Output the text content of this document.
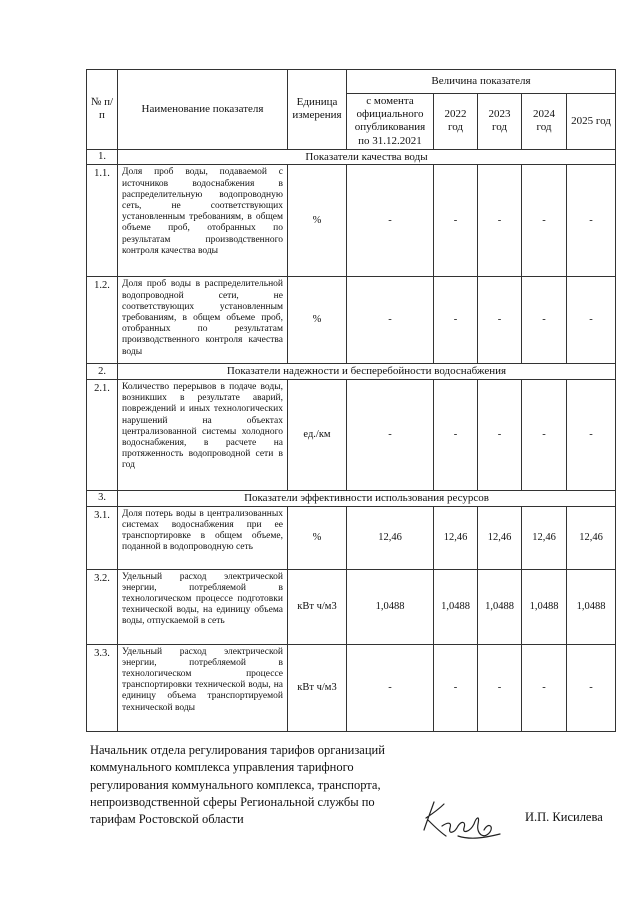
№ п/п	Наименование показателя	Единица измерения	Величина показателя				
			с момента официального опубликования по 31.12.2021	2022 год	2023 год	2024 год	2025 год
1.	Показатели качества воды						
1.1.	Доля проб воды, подаваемой с источников водоснабжения в распределительную водопроводную сеть, не соответствующих установленным требованиям, в общем объеме проб, отобранных по результатам производственного контроля качества воды	%	-	-	-	-	-
1.2.	Доля проб воды в распределительной водопроводной сети, не соответствующих установленным требованиям, в общем объеме проб, отобранных по результатам производственного контроля качества воды	%	-	-	-	-	-
2.	Показатели надежности и бесперебойности водоснабжения						
2.1.	Количество перерывов в подаче воды, возникших в результате аварий, повреждений и иных технологических нарушений на объектах централизованной системы холодного водоснабжения, в расчете на протяженность водопроводной сети в год	ед./км	-	-	-	-	-
3.	Показатели эффективности использования ресурсов						
3.1.	Доля потерь воды в централизованных системах водоснабжения при ее транспортировке в общем объеме, поданной в водопроводную сеть	%	12,46	12,46	12,46	12,46	12,46
3.2.	Удельный расход электрической энергии, потребляемой в технологическом процессе подготовки технической воды, на единицу объема воды, отпускаемой в сеть	кВт ч/м3	1,0488	1,0488	1,0488	1,0488	1,0488
3.3.	Удельный расход электрической энергии, потребляемой в технологическом процессе транспортировки технической воды, на единицу объема транспортируемой технической воды	кВт ч/м3	-	-	-	-	-
Начальник отдела регулирования тарифов организаций коммунального комплекса управления тарифного регулирования коммунального комплекса, транспорта, непроизводственной сферы Региональной службы по тарифам Ростовской области	И.П. Кисилева
